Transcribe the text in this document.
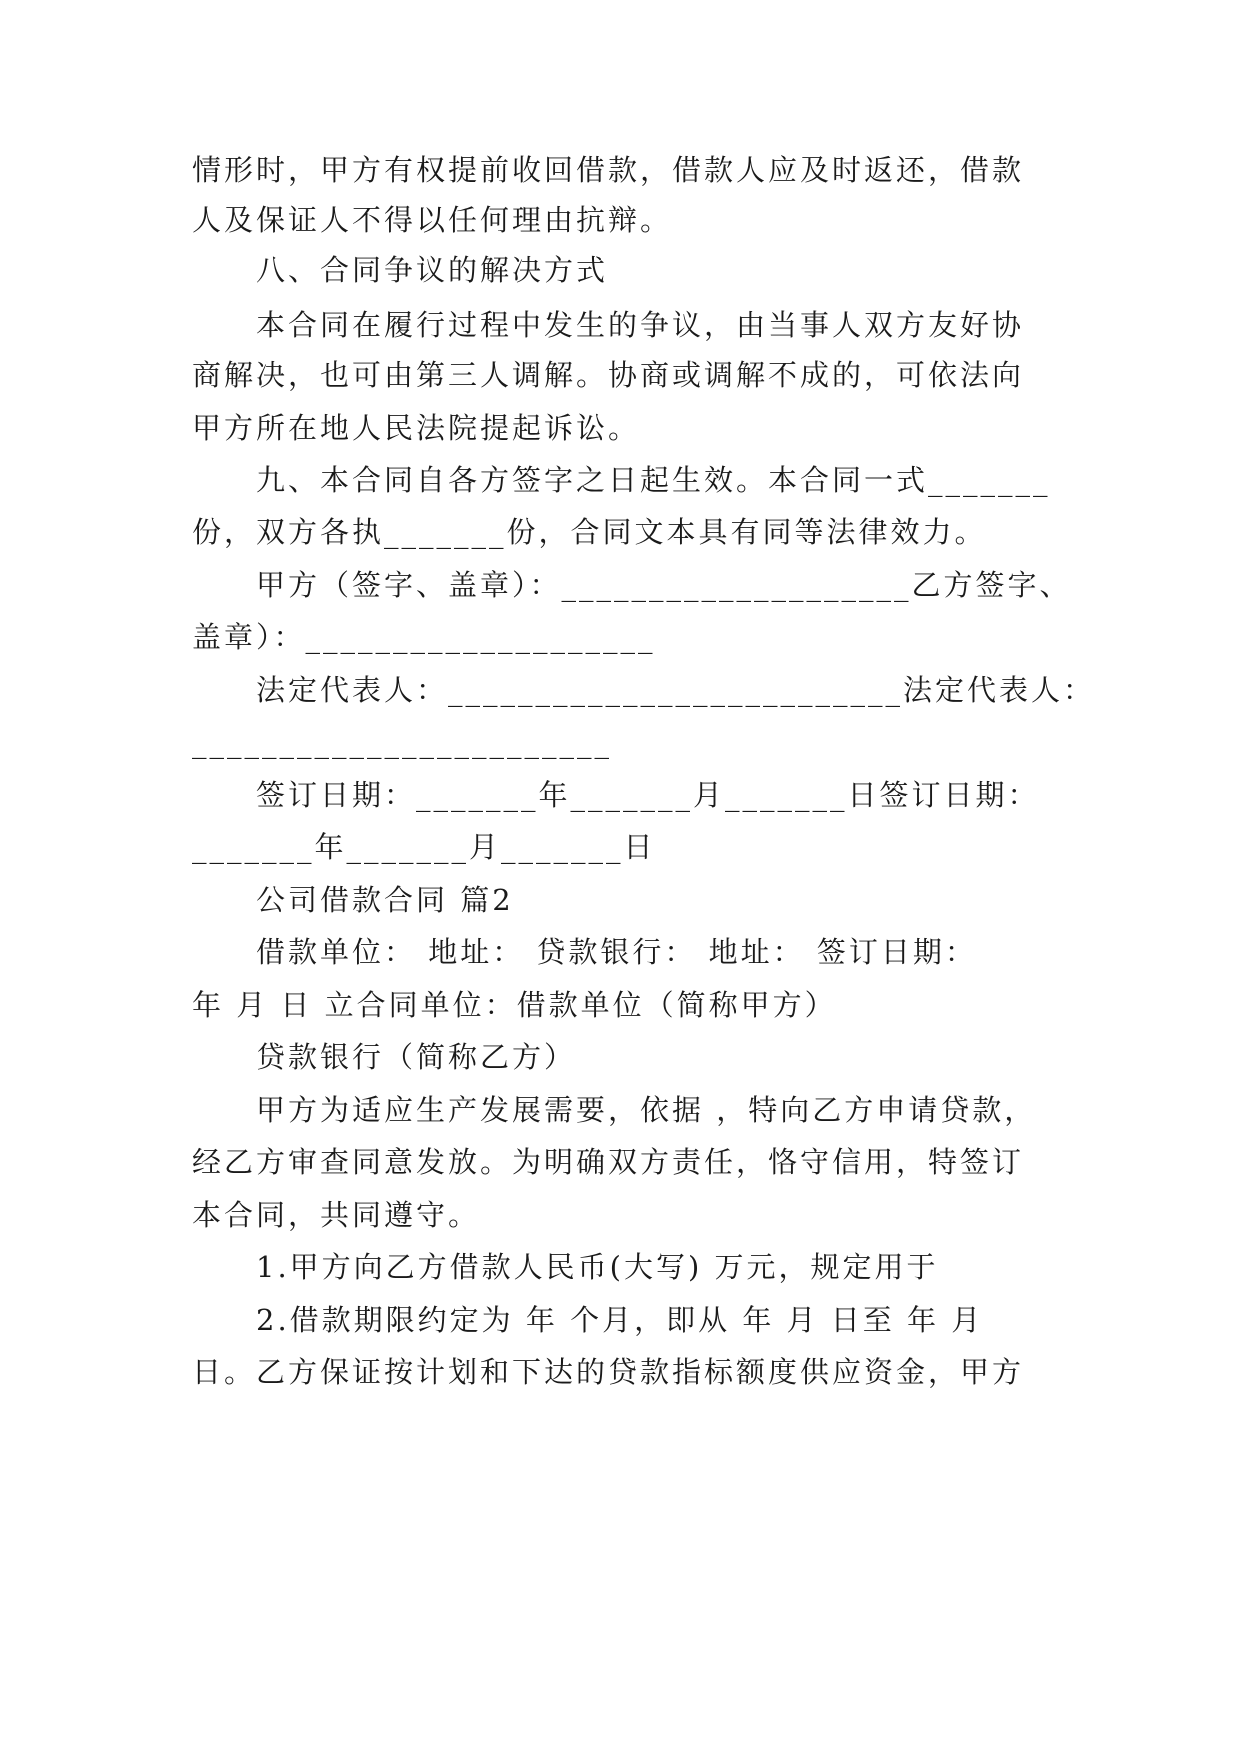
情形时，甲方有权提前收回借款，借款人应及时返还，借款
人及保证人不得以任何理由抗辩。
八、合同争议的解决方式
本合同在履行过程中发生的争议，由当事人双方友好协
商解决，也可由第三人调解。协商或调解不成的，可依法向
甲方所在地人民法院提起诉讼。
九、本合同自各方签字之日起生效。本合同一式_______
份，双方各执_______份，合同文本具有同等法律效力。
甲方（签字、盖章）：____________________乙方签字、
盖章）：____________________
法定代表人：__________________________法定代表人：
________________________
签订日期：_______年_______月_______日签订日期：
_______年_______月_______日
公司借款合同 篇2
借款单位： 地址： 贷款银行： 地址： 签订日期：
年 月 日 立合同单位：借款单位（简称甲方）
贷款银行（简称乙方）
甲方为适应生产发展需要，依据 ，特向乙方申请贷款，
经乙方审查同意发放。为明确双方责任，恪守信用，特签订
本合同，共同遵守。
1.甲方向乙方借款人民币(大写) 万元，规定用于
2.借款期限约定为 年 个月，即从 年 月 日至 年 月
日。乙方保证按计划和下达的贷款指标额度供应资金，甲方
